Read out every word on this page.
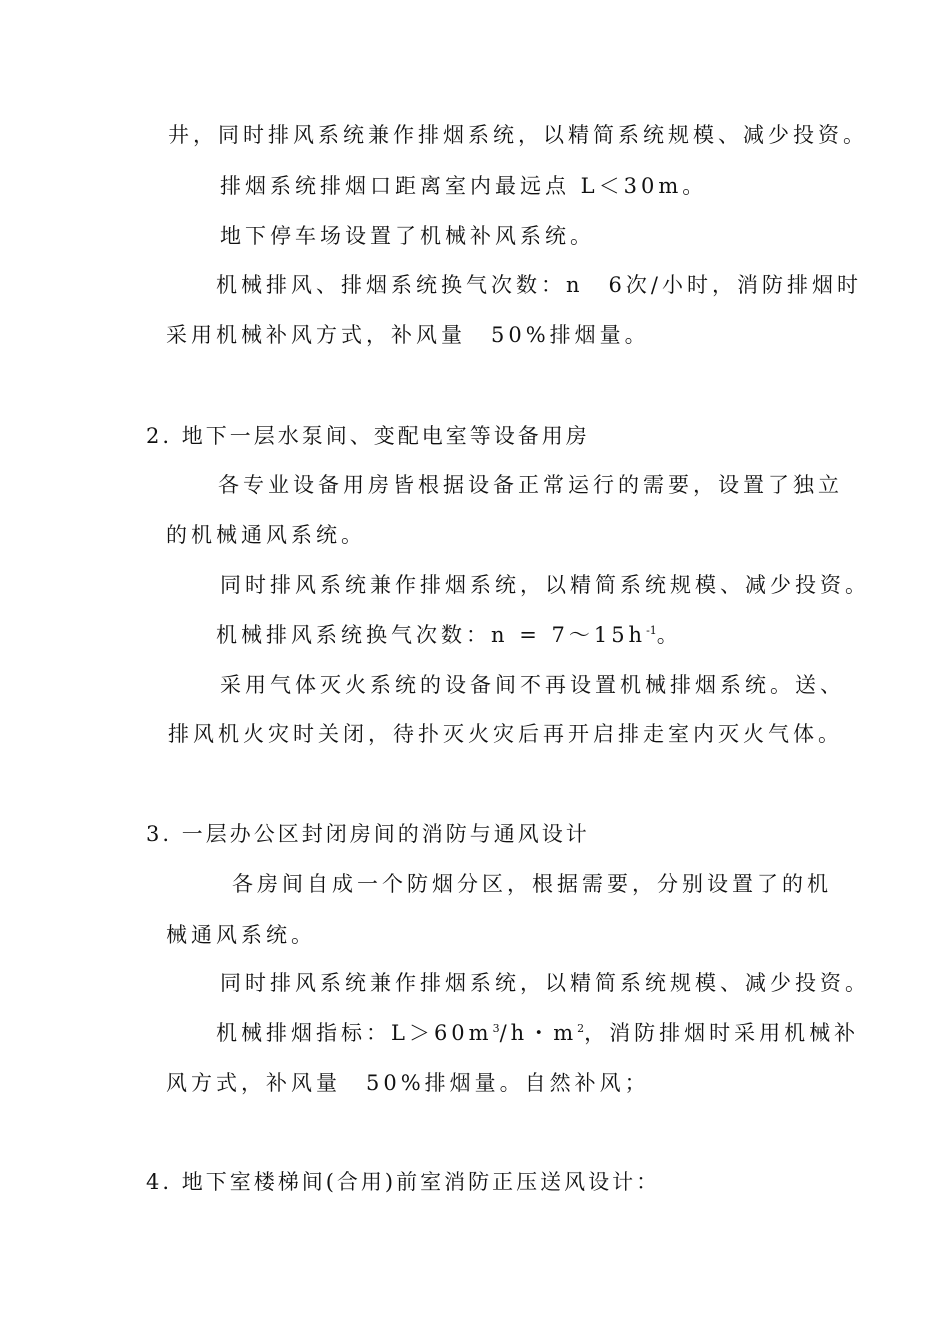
井，同时排风系统兼作排烟系统，以精简系统规模、减少投资。
排烟系统排烟口距离室内最远点 L＜30m。
地下停车场设置了机械补风系统。
机械排风、排烟系统换气次数：n　6次/小时，消防排烟时
采用机械补风方式，补风量　50%排烟量。
2. 地下一层水泵间、变配电室等设备用房
各专业设备用房皆根据设备正常运行的需要，设置了独立
的机械通风系统。
同时排风系统兼作排烟系统，以精简系统规模、减少投资。
机械排风系统换气次数：$n = 7\sim 15h^{-1}$。
采用气体灭火系统的设备间不再设置机械排烟系统。送、
排风机火灾时关闭，待扑灭火灾后再开启排走室内灭火气体。
3. 一层办公区封闭房间的消防与通风设计
各房间自成一个防烟分区，根据需要，分别设置了的机
械通风系统。
同时排风系统兼作排烟系统，以精简系统规模、减少投资。
机械排烟指标：$L>60m^3/h$・$m^2$，消防排烟时采用机械补
风方式，补风量　50%排烟量。自然补风；
4. 地下室楼梯间(合用)前室消防正压送风设计：
